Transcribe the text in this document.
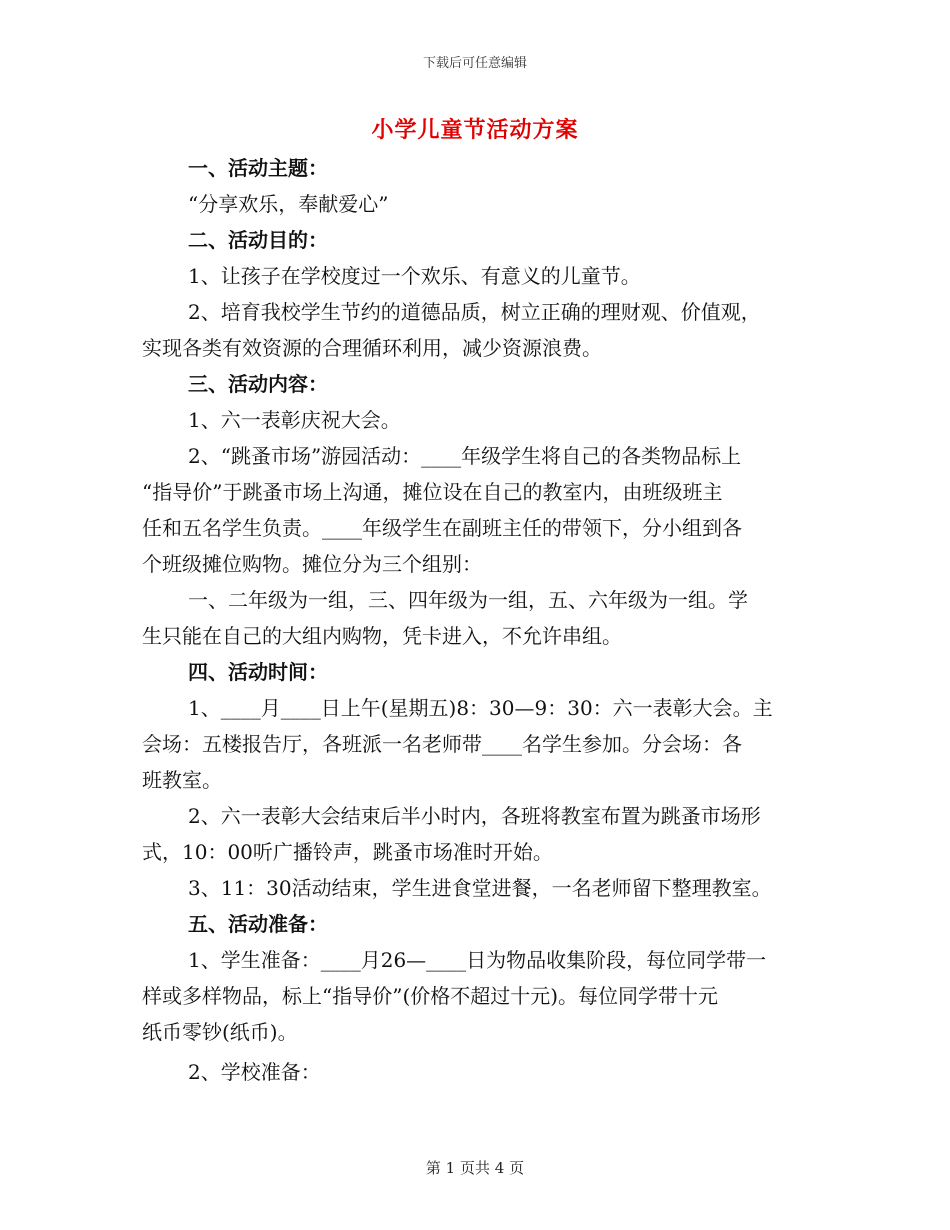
下载后可任意编辑
小学儿童节活动方案

一、活动主题：

“分享欢乐，奉献爱心”

二、活动目的：

1、让孩子在学校度过一个欢乐、有意义的儿童节。

2、培育我校学生节约的道德品质，树立正确的理财观、价值观，

实现各类有效资源的合理循环利用，减少资源浪费。

三、活动内容：

1、六一表彰庆祝大会。

2、“跳蚤市场”游园活动：____年级学生将自己的各类物品标上

“指导价”于跳蚤市场上沟通，摊位设在自己的教室内，由班级班主

任和五名学生负责。____年级学生在副班主任的带领下，分小组到各

个班级摊位购物。摊位分为三个组别：

一、二年级为一组，三、四年级为一组，五、六年级为一组。学

生只能在自己的大组内购物，凭卡进入，不允许串组。

四、活动时间：

1、____月____日上午(星期五)8：30—9：30：六一表彰大会。主

会场：五楼报告厅，各班派一名老师带____名学生参加。分会场：各

班教室。

2、六一表彰大会结束后半小时内，各班将教室布置为跳蚤市场形

式，10：00听广播铃声，跳蚤市场准时开始。

3、11：30活动结束，学生进食堂进餐，一名老师留下整理教室。

五、活动准备：

1、学生准备：____月26—____日为物品收集阶段，每位同学带一

样或多样物品，标上“指导价”(价格不超过十元)。每位同学带十元

纸币零钞(纸币)。

2、学校准备：

第 1 页共 4 页
